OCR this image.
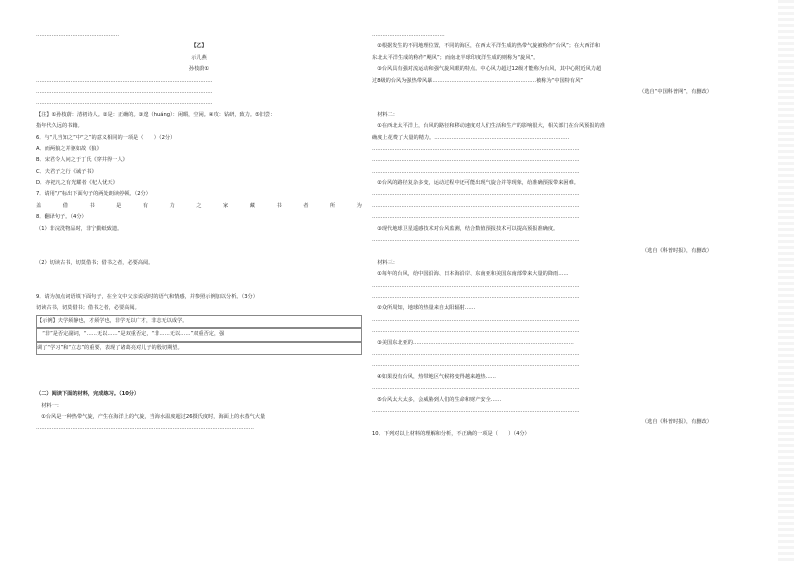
…………………………………………
【乙】
示儿燕
孙枝蔚①
…………………………………………………………………………………………
…………………………………………………………………………………………
…………………………………………………………………………………………
【注】①孙枝蔚：清初诗人。②是：正确的。③遑（huáng）：闲暇，空闲。④攻：钻研，致力。⑤旧尝：
指年代久远的书籍。
6．与“儿当知之”中“之”的意义相同的一项是（　　）（2分）
A．而两狼之并驱如故《狼》
B．宋君令人问之于丁氏《穿井得一人》
C．夫君子之行《诫子书》
D．亦祀凡之有光耀者《杞人忧天》
7．请用“/”标出下面句子的两处朗读停顿。（2分）
盖	借	书	是	有	力	之	家	藏	书	者	所	为
8．翻译句子。（4分）
（1）非浣洗物品时，非宁勤纸致遗。
（2）切读古书，切莫借书；借书之者，必要高阅。
9．请为加点词语填下面句子，在全文中父亲说话时的语气和情感，并参照示例加以分析。（3分）
切读古书，切莫借书；借书之者，必要高阅。
【示例】夫学须静也，才须学也，非学无以广才，非志无以成学。
　“非”是否定副词，“……无以……”是双重否定，“非……无以……”双重否定，强
调了“学习”和“立志”的重要，表现了诸葛亮对儿子的殷切期望。
（二）阅读下面的材料，完成练习。（10分）
　材料一：
　①台风是一种热带气旋，产生在海洋上的气旋，当海水温度超过26摄氏度时，海面上的水蒸气大量
………………………………………………………………………………………………………………
……………………………………
　②根据发生的不同地理位置，不同的海区，在西太平洋生成的热带气旋被称作“台风”；在大西洋和
东北太平洋生成的称作“飓风”；而南北半球印度洋生成的则称为“旋风”。
　③台风具有强对流运动和强气旋风眼的特点。中心风力超过12级才能称为台风，其中心附近风力超
过8级的台风为强热带风暴……………………………………………………被称为“中国特有风”
（选自“中国科普网”，有删改）
　材料二：
　①在西北太平洋上，台风的路径和移动速度对人们生活和生产的影响很大，相关部门在台风预报的准
确度上花费了大量的精力。……………………………………………………………………
…………………………………………………………………………………………………………
…………………………………………………………………………………………………………
…………………………………………………………………………………………………………
　②台风的路径复杂多变，运动过程中还可能出现气旋合并等现象，给准确预报带来困难。
…………………………………………………………………………………………………………
…………………………………………………………………………………………………………
…………………………………………………………………………………………………………
　③现代地球卫星遥感技术对台风监测，结合数值预报技术可以提高预报准确度。
…………………………………………………………………………………………………………
（选自《科普时报》，有删改）
　材料三：
　①每年的台风，给中国沿海、日本海沿岸、东南亚和美国东南部带来大量的降雨……
…………………………………………………………………………………………………………
…………………………………………………………………………………………………………
　②众所周知，地球的热量来自太阳辐射……
…………………………………………………………………………………………………………
…………………………………………………………………………………………………………
　③美国东北亚的…………………………………………………………………………………
…………………………………………………………………………………………………………
…………………………………………………………………………………………………………
　④如果没有台风，热带地区气候将变得越来越热……
…………………………………………………………………………………………………………
　⑤台风太大太多，会威胁到人们的生命和财产安全……
…………………………………………………………………………………………………………
（选自《科普时报》，有删改）
10．下列对以上材料的理解和分析，不正确的一项是（　　）（4分）
